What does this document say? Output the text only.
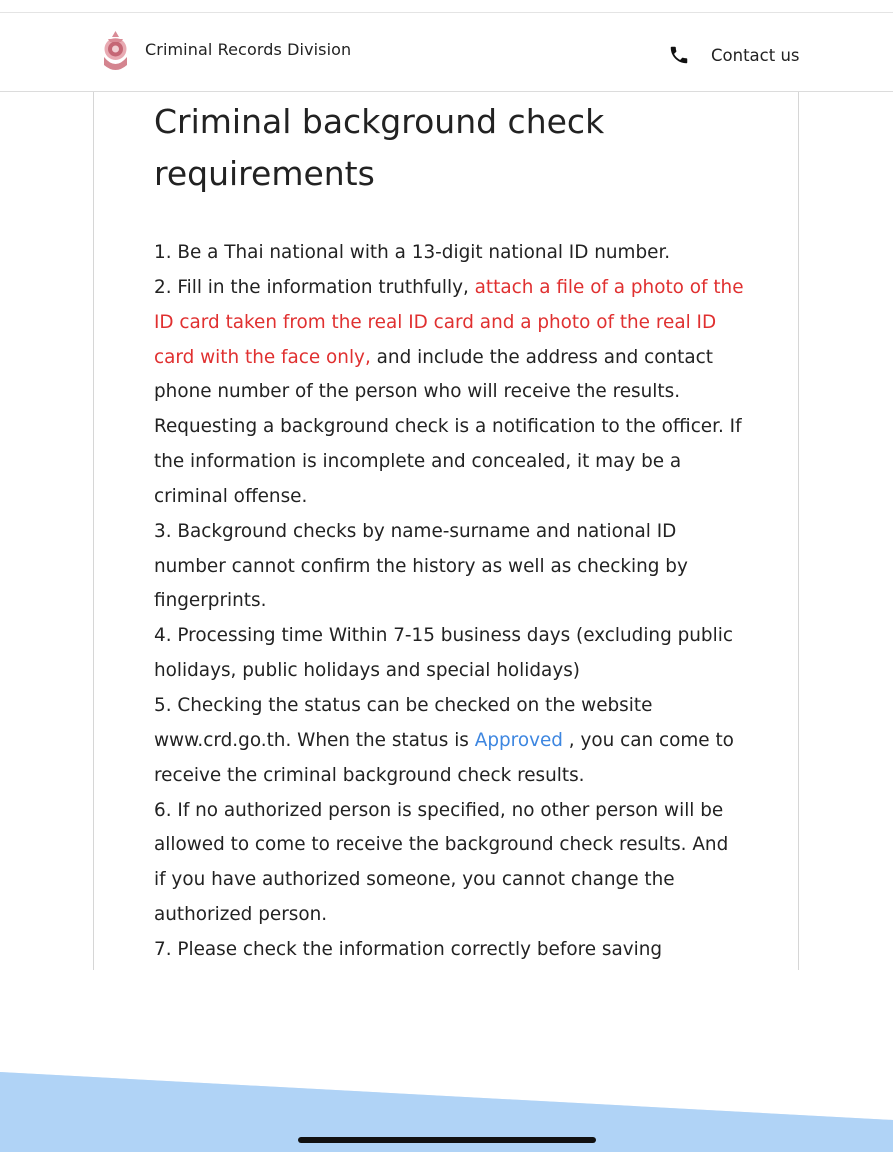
Criminal Records Division	Contact us
Criminal background check requirements

1. Be a Thai national with a 13-digit national ID number.

2. Fill in the information truthfully, attach a file of a photo of the ID card taken from the real ID card and a photo of the real ID card with the face only, and include the address and contact phone number of the person who will receive the results. Requesting a background check is a notification to the officer. If the information is incomplete and concealed, it may be a criminal offense.

3. Background checks by name-surname and national ID number cannot confirm the history as well as checking by fingerprints.

4. Processing time Within 7-15 business days (excluding public holidays, public holidays and special holidays)

5. Checking the status can be checked on the website www.crd.go.th. When the status is Approved , you can come to receive the criminal background check results.

6. If no authorized person is specified, no other person will be allowed to come to receive the background check results. And if you have authorized someone, you cannot change the authorized person.

7. Please check the information correctly before saving
